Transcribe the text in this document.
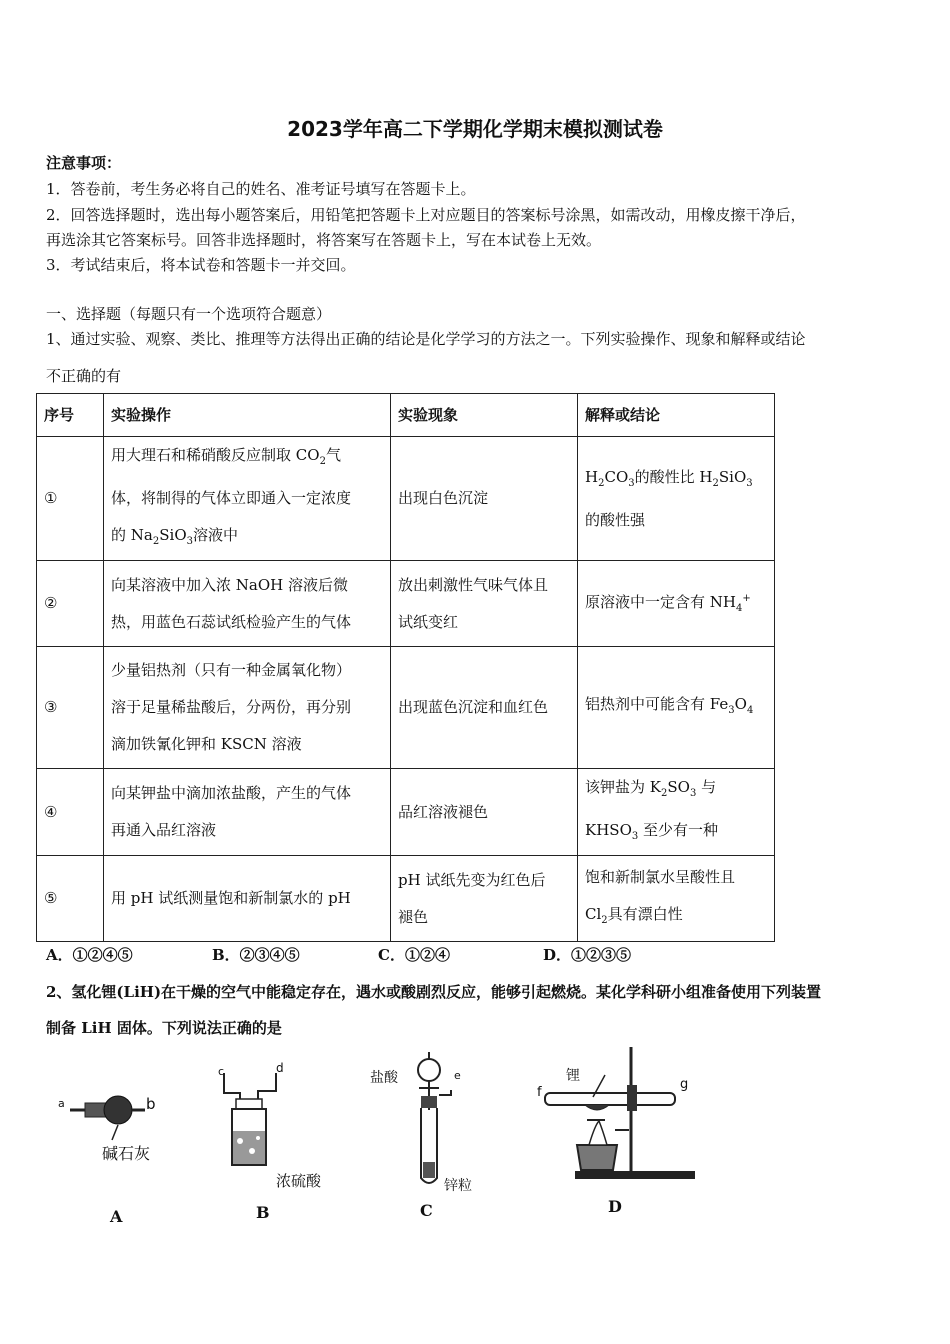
2023学年高二下学期化学期末模拟测试卷
注意事项：
1．答卷前，考生务必将自己的姓名、准考证号填写在答题卡上。
2．回答选择题时，选出每小题答案后，用铅笔把答题卡上对应题目的答案标号涂黑，如需改动，用橡皮擦干净后，
再选涂其它答案标号。回答非选择题时，将答案写在答题卡上，写在本试卷上无效。
3．考试结束后，将本试卷和答题卡一并交回。
一、选择题（每题只有一个选项符合题意）
1、通过实验、观察、类比、推理等方法得出正确的结论是化学学习的方法之一。下列实验操作、现象和解释或结论
不正确的有
序号	实验操作	实验现象	解释或结论
①	用大理石和稀硝酸反应制取 $CO_2$气
体，将制得的气体立即通入一定浓度
的 $Na_2SiO_3$溶液中	出现白色沉淀	$H_2CO_3$的酸性比 $H_2SiO_3$
的酸性强
②	向某溶液中加入浓 NaOH 溶液后微
热，用蓝色石蕊试纸检验产生的气体	放出刺激性气味气体且
试纸变红	原溶液中一定含有 $NH_4^+$
③	少量铝热剂（只有一种金属氧化物）
溶于足量稀盐酸后，分两份，再分别
滴加铁氰化钾和 KSCN 溶液	出现蓝色沉淀和血红色	铝热剂中可能含有 $Fe_3O_4$
④	向某钾盐中滴加浓盐酸，产生的气体
再通入品红溶液	品红溶液褪色	该钾盐为 $K_2SO_3$ 与
$KHSO_3$ 至少有一种
⑤	用 pH 试纸测量饱和新制氯水的 pH	pH 试纸先变为红色后
褪色	饱和新制氯水呈酸性且
$Cl_2$具有漂白性
A．①②④⑤	B．②③④⑤	C．①②④	D．①②③⑤
2、氢化锂(LiH)在干燥的空气中能稳定存在，遇水或酸剧烈反应，能够引起燃烧。某化学科研小组准备使用下列装置
制备 LiH 固体。下列说法正确的是
a	b
碱石灰
A
c	d
浓硫酸
B
盐酸	e
锌粒
C
锂
f
g
D
